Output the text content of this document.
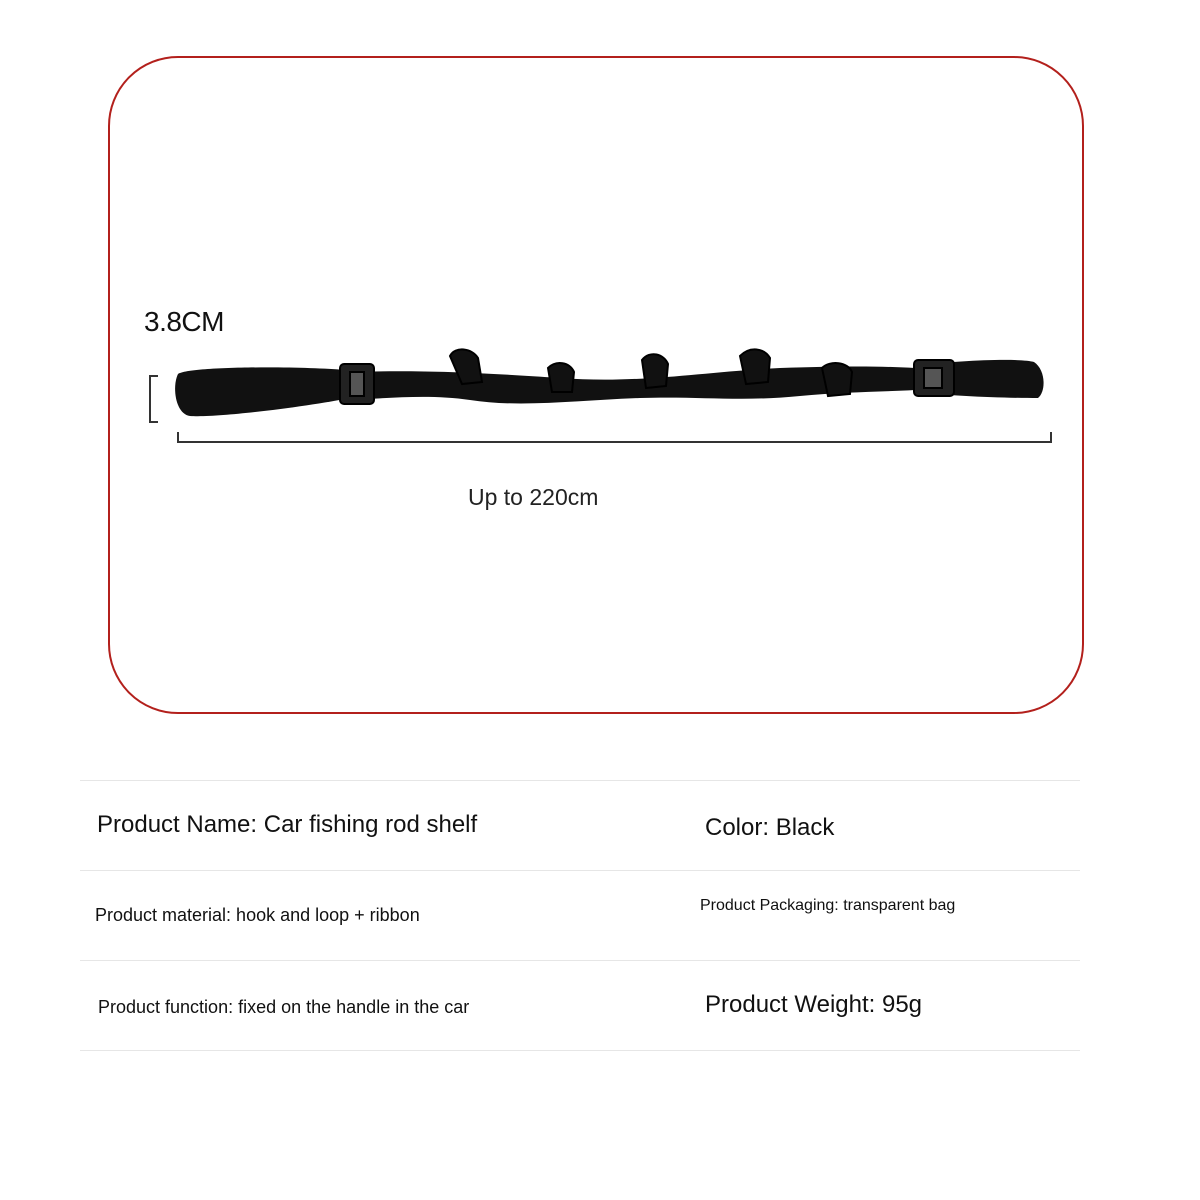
3.8CM
Up to 220cm
Product Name: Car fishing rod shelf	Color: Black
Product material: hook and loop + ribbon	Product Packaging: transparent bag
Product function: fixed on the handle in the car	Product Weight: 95g
